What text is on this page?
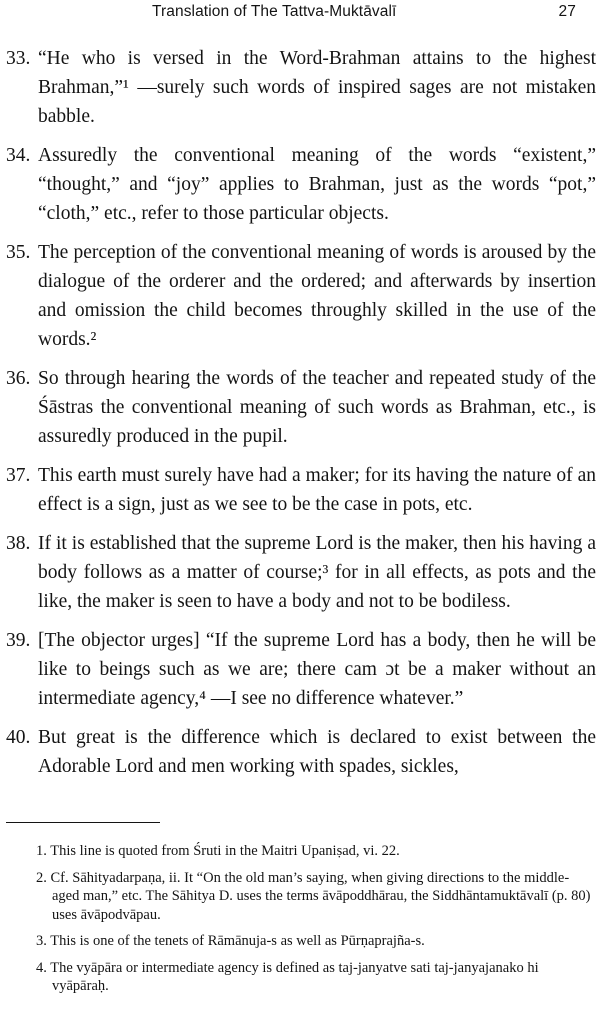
Translation of The Tattva-Muktāvalī	27
33. “He who is versed in the Word-Brahman attains to the highest Brahman,”¹ —surely such words of inspired sages are not mistaken babble.
34. Assuredly the conventional meaning of the words “existent,” “thought,” and “joy” applies to Brahman, just as the words “pot,” “cloth,” etc., refer to those particular objects.
35. The perception of the conventional meaning of words is aroused by the dialogue of the orderer and the ordered; and afterwards by insertion and omission the child becomes throughly skilled in the use of the words.²
36. So through hearing the words of the teacher and repeated study of the Śāstras the conventional meaning of such words as Brahman, etc., is assuredly produced in the pupil.
37. This earth must surely have had a maker; for its having the nature of an effect is a sign, just as we see to be the case in pots, etc.
38. If it is established that the supreme Lord is the maker, then his having a body follows as a matter of course;³ for in all effects, as pots and the like, the maker is seen to have a body and not to be bodiless.
39. [The objector urges] “If the supreme Lord has a body, then he will be like to beings such as we are; there cam ɔt be a maker without an intermediate agency,⁴ —I see no difference whatever.”
40. But great is the difference which is declared to exist between the Adorable Lord and men working with spades, sickles,
1. This line is quoted from Śruti in the Maitri Upaniṣad, vi. 22.
2. Cf. Sāhityadarpaṇa, ii. It “On the old man’s saying, when giving directions to the middle-aged man,” etc. The Sāhitya D. uses the terms āvāpoddhārau, the Siddhāntamuktāvalī (p. 80) uses āvāpodvāpau.
3. This is one of the tenets of Rāmānuja-s as well as Pūrṇaprajña-s.
4. The vyāpāra or intermediate agency is defined as taj-janyatve sati taj-janyajanako hi vyāpāraḥ.
